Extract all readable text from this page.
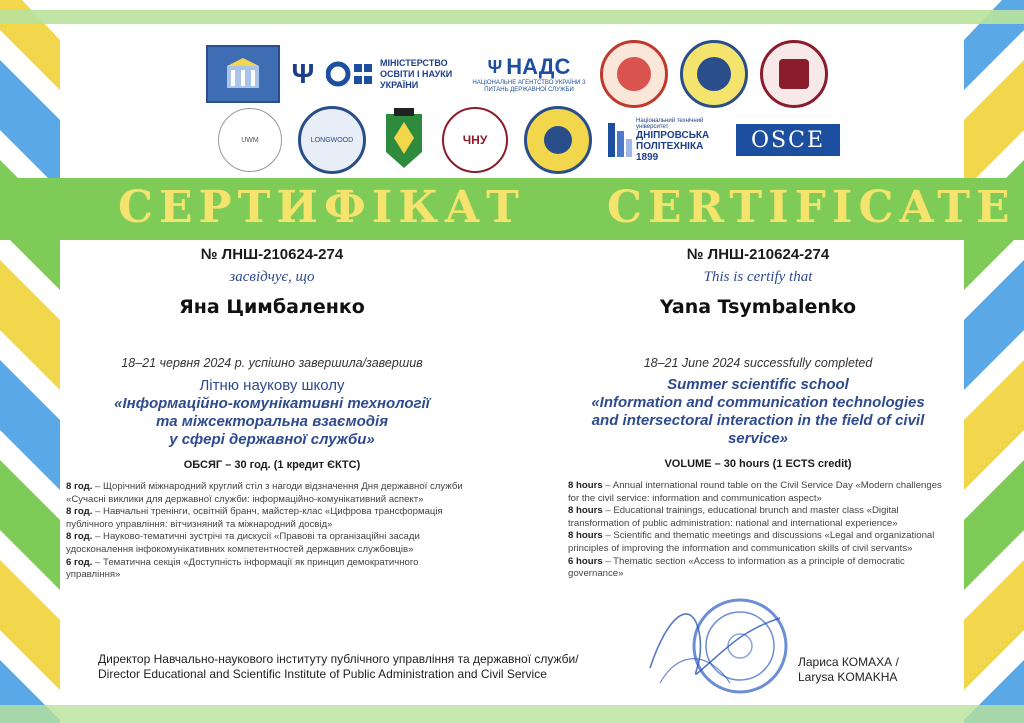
Ψ	МІНІСТЕРСТВО ОСВІТИ І НАУКИ УКРАЇНИ
Ψ НАДС
НАЦІОНАЛЬНЕ АГЕНТСТВО УКРАЇНИ З ПИТАНЬ ДЕРЖАВНОЇ СЛУЖБИ
UWM	LONGWOOD	ЧНУ
Національний технічний університет
ДНІПРОВСЬКА ПОЛІТЕХНІКА
1899
OSCE
СЕРТИФІКАТ CERTIFICATE
№ ЛНШ-210624-274
засвідчує, що
Яна Цимбаленко
18–21 червня 2024 р. успішно завершила/завершив
Літню наукову школу
«Інформаційно-комунікативні технології
та міжсекторальна взаємодія
у сфері державної служби»
ОБСЯГ – 30 год. (1 кредит ЄКТС)
8 год. – Щорічний міжнародний круглий стіл з нагоди відзначення Дня державної служби «Сучасні виклики для державної служби: інформаційно-комунікативний аспект»
8 год. – Навчальні тренінги, освітній бранч, майстер-клас «Цифрова трансформація публічного управління: вітчизняний та міжнародний досвід»
8 год. – Науково-тематичні зустрічі та дискусії «Правові та організаційні засади удосконалення інфокомунікативних компетентностей державних службовців»
6 год. – Тематична секція «Доступність інформації як принцип демократичного управління»
№ ЛНШ-210624-274
This is certify that
Yana Tsymbalenko
18–21 June 2024 successfully completed
Summer scientific school
«Information and communication technologies
and intersectoral interaction in the field of civil
service»
VOLUME – 30 hours (1 ECTS credit)
8 hours – Annual international round table on the Civil Service Day «Modern challenges for the civil service: information and communication aspect»
8 hours – Educational trainings, educational brunch and master class «Digital transformation of public administration: national and international experience»
8 hours – Scientific and thematic meetings and discussions «Legal and organizational principles of improving the information and communication skills of civil servants»
6 hours – Thematic section «Access to information as a principle of democratic governance»
Директор Навчально-наукового інституту публічного управління та державної служби/
Director Educational and Scientific Institute of Public Administration and Civil Service
Лариса КОМАХА /
Larysa KOMAKHA
